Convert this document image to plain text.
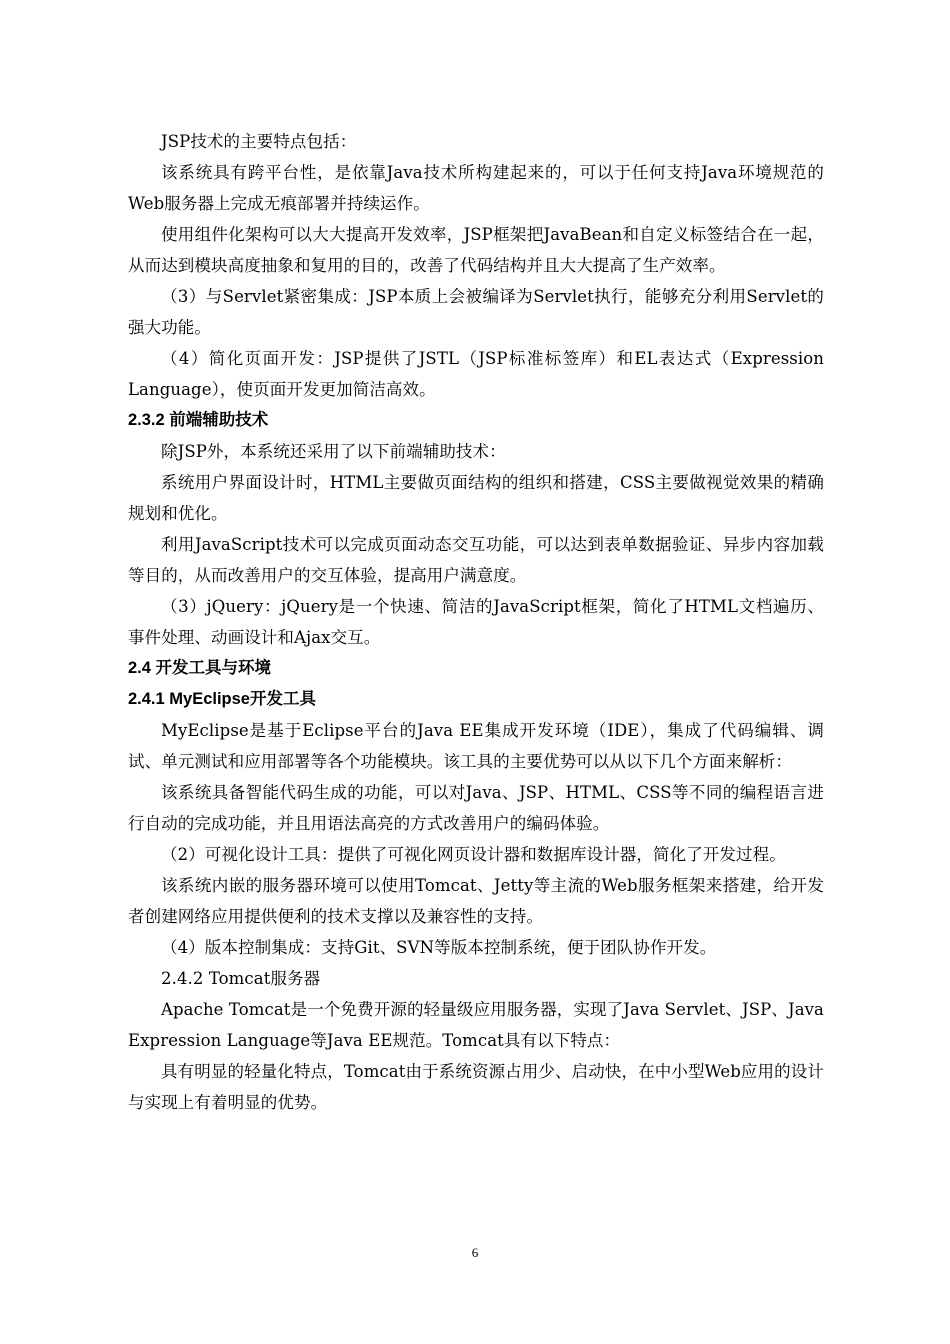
JSP技术的主要特点包括：

该系统具有跨平台性，是依靠Java技术所构建起来的，可以于任何支持Java环境规范的Web服务器上完成无痕部署并持续运作。

使用组件化架构可以大大提高开发效率，JSP框架把JavaBean和自定义标签结合在一起，从而达到模块高度抽象和复用的目的，改善了代码结构并且大大提高了生产效率。

（3）与Servlet紧密集成：JSP本质上会被编译为Servlet执行，能够充分利用Servlet的强大功能。

（4）简化页面开发：JSP提供了JSTL（JSP标准标签库）和EL表达式（Expression Language），使页面开发更加简洁高效。

2.3.2 前端辅助技术

除JSP外，本系统还采用了以下前端辅助技术：

系统用户界面设计时，HTML主要做页面结构的组织和搭建，CSS主要做视觉效果的精确规划和优化。

利用JavaScript技术可以完成页面动态交互功能，可以达到表单数据验证、异步内容加载等目的，从而改善用户的交互体验，提高用户满意度。

（3）jQuery：jQuery是一个快速、简洁的JavaScript框架，简化了HTML文档遍历、事件处理、动画设计和Ajax交互。

2.4 开发工具与环境

2.4.1 MyEclipse开发工具

MyEclipse是基于Eclipse平台的Java EE集成开发环境（IDE），集成了代码编辑、调试、单元测试和应用部署等各个功能模块。该工具的主要优势可以从以下几个方面来解析：

该系统具备智能代码生成的功能，可以对Java、JSP、HTML、CSS等不同的编程语言进行自动的完成功能，并且用语法高亮的方式改善用户的编码体验。

（2）可视化设计工具：提供了可视化网页设计器和数据库设计器，简化了开发过程。

该系统内嵌的服务器环境可以使用Tomcat、Jetty等主流的Web服务框架来搭建，给开发者创建网络应用提供便利的技术支撑以及兼容性的支持。

（4）版本控制集成：支持Git、SVN等版本控制系统，便于团队协作开发。

2.4.2 Tomcat服务器

Apache Tomcat是一个免费开源的轻量级应用服务器，实现了Java Servlet、JSP、Java Expression Language等Java EE规范。Tomcat具有以下特点：

具有明显的轻量化特点，Tomcat由于系统资源占用少、启动快，在中小型Web应用的设计与实现上有着明显的优势。

6
